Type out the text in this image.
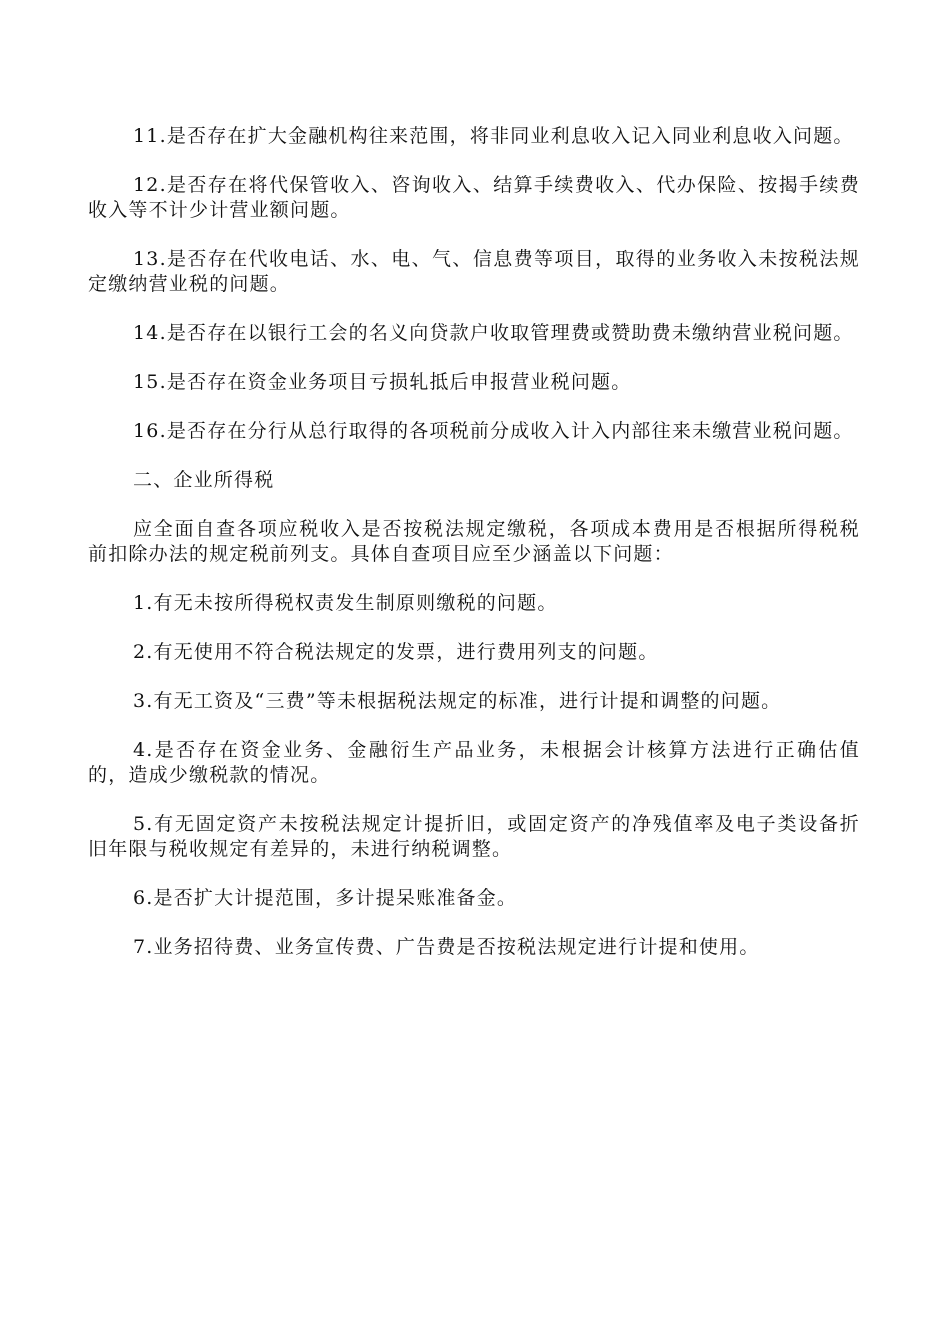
11.是否存在扩大金融机构往来范围，将非同业利息收入记入同业利息收入问题。

12.是否存在将代保管收入、咨询收入、结算手续费收入、代办保险、按揭手续费收入等不计少计营业额问题。

13.是否存在代收电话、水、电、气、信息费等项目，取得的业务收入未按税法规定缴纳营业税的问题。

14.是否存在以银行工会的名义向贷款户收取管理费或赞助费未缴纳营业税问题。

15.是否存在资金业务项目亏损轧抵后申报营业税问题。

16.是否存在分行从总行取得的各项税前分成收入计入内部往来未缴营业税问题。

二、企业所得税

应全面自查各项应税收入是否按税法规定缴税，各项成本费用是否根据所得税税前扣除办法的规定税前列支。具体自查项目应至少涵盖以下问题：

1.有无未按所得税权责发生制原则缴税的问题。

2.有无使用不符合税法规定的发票，进行费用列支的问题。

3.有无工资及“三费”等未根据税法规定的标准，进行计提和调整的问题。

4.是否存在资金业务、金融衍生产品业务，未根据会计核算方法进行正确估值的，造成少缴税款的情况。

5.有无固定资产未按税法规定计提折旧，或固定资产的净残值率及电子类设备折旧年限与税收规定有差异的，未进行纳税调整。

6.是否扩大计提范围，多计提呆账准备金。

7.业务招待费、业务宣传费、广告费是否按税法规定进行计提和使用。
